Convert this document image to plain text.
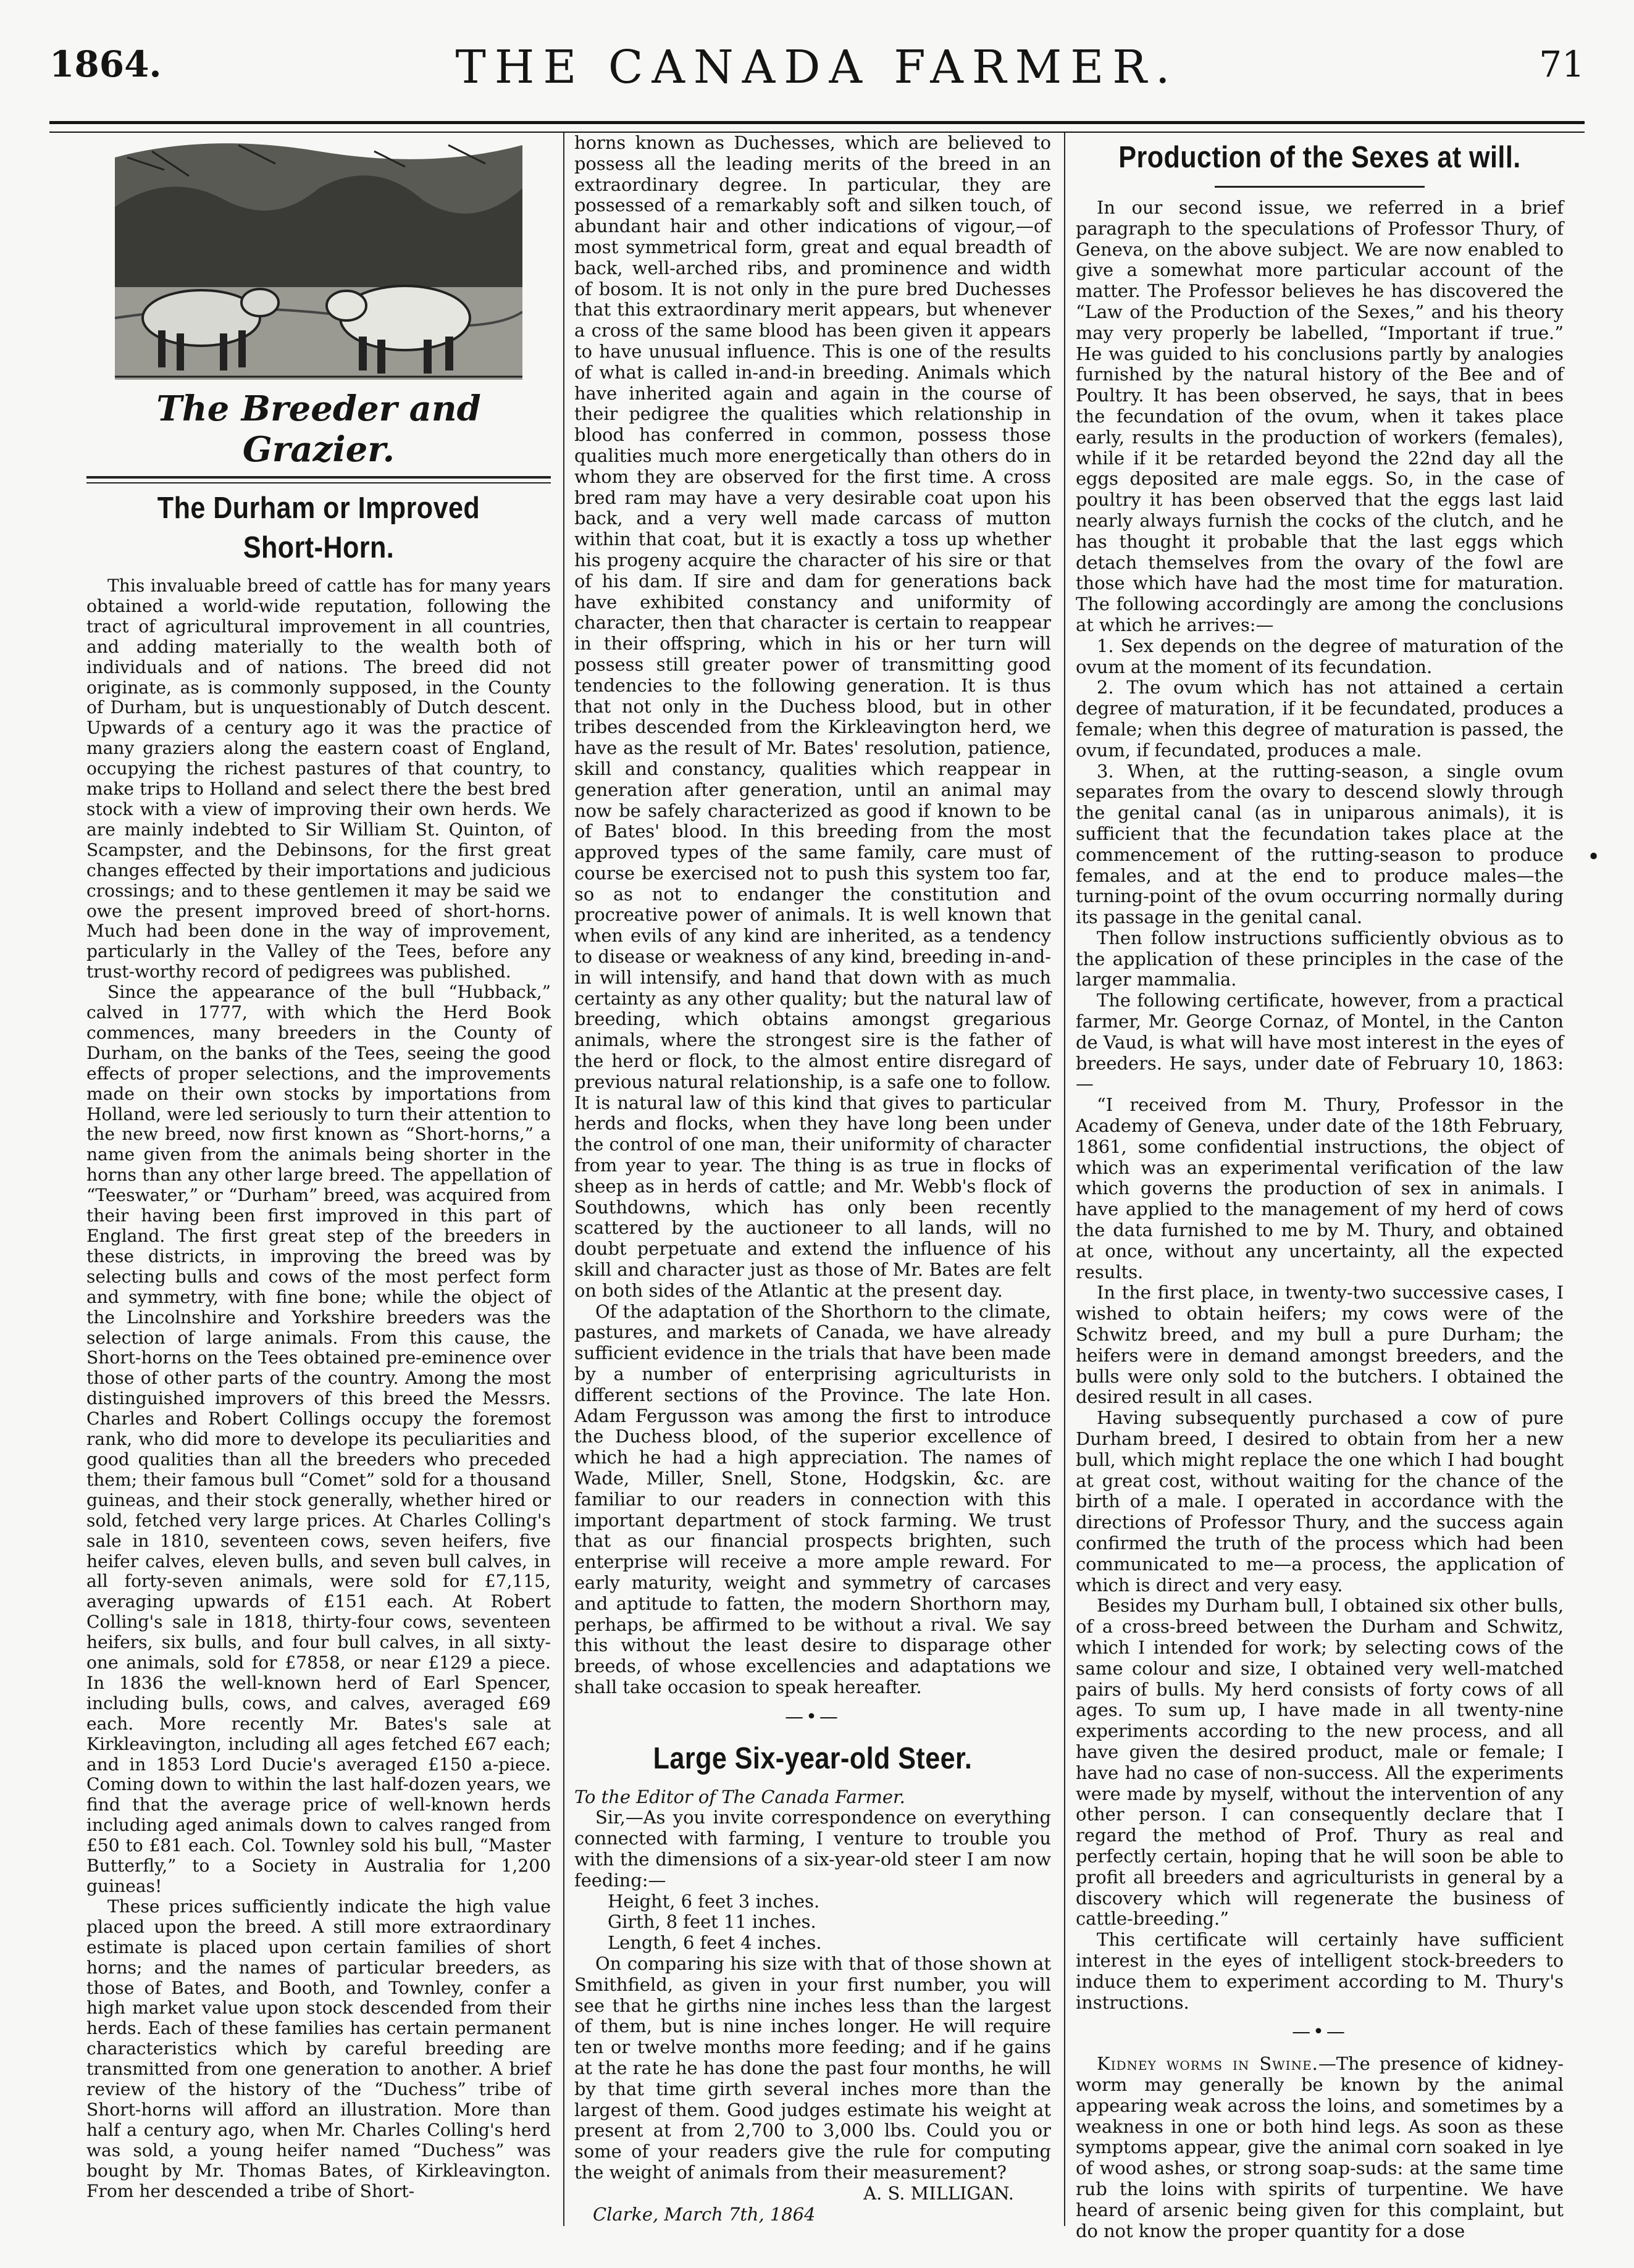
1864.	THE CANADA FARMER.	71
The Breeder and Grazier.
The Durham or Improved Short-Horn.

This invaluable breed of cattle has for many years obtained a world-wide reputation, following the tract of agricultural improvement in all countries, and adding materially to the wealth both of individuals and of nations. The breed did not originate, as is commonly supposed, in the County of Durham, but is unquestionably of Dutch descent. Upwards of a century ago it was the practice of many graziers along the eastern coast of England, occupying the richest pastures of that country, to make trips to Holland and select there the best bred stock with a view of improving their own herds. We are mainly indebted to Sir William St. Quinton, of Scampster, and the Debinsons, for the first great changes effected by their importations and judicious crossings; and to these gentlemen it may be said we owe the present improved breed of short-horns. Much had been done in the way of improvement, particularly in the Valley of the Tees, before any trust-worthy record of pedigrees was published.

Since the appearance of the bull “Hubback,” calved in 1777, with which the Herd Book commences, many breeders in the County of Durham, on the banks of the Tees, seeing the good effects of proper selections, and the improvements made on their own stocks by importations from Holland, were led seriously to turn their attention to the new breed, now first known as “Short-horns,” a name given from the animals being shorter in the horns than any other large breed. The appellation of “Teeswater,” or “Durham” breed, was acquired from their having been first improved in this part of England. The first great step of the breeders in these districts, in improving the breed was by selecting bulls and cows of the most perfect form and symmetry, with fine bone; while the object of the Lincolnshire and Yorkshire breeders was the selection of large animals. From this cause, the Short-horns on the Tees obtained pre-eminence over those of other parts of the country. Among the most distinguished improvers of this breed the Messrs. Charles and Robert Collings occupy the foremost rank, who did more to develope its peculiarities and good qualities than all the breeders who preceded them; their famous bull “Comet” sold for a thousand guineas, and their stock generally, whether hired or sold, fetched very large prices. At Charles Colling's sale in 1810, seventeen cows, seven heifers, five heifer calves, eleven bulls, and seven bull calves, in all forty-seven animals, were sold for £7,115, averaging upwards of £151 each. At Robert Colling's sale in 1818, thirty-four cows, seventeen heifers, six bulls, and four bull calves, in all sixty-one animals, sold for £7858, or near £129 a piece. In 1836 the well-known herd of Earl Spencer, including bulls, cows, and calves, averaged £69 each. More recently Mr. Bates's sale at Kirkleavington, including all ages fetched £67 each; and in 1853 Lord Ducie's averaged £150 a-piece. Coming down to within the last half-dozen years, we find that the average price of well-known herds including aged animals down to calves ranged from £50 to £81 each. Col. Townley sold his bull, “Master Butterfly,” to a Society in Australia for 1,200 guineas!

These prices sufficiently indicate the high value placed upon the breed. A still more extraordinary estimate is placed upon certain families of short horns; and the names of particular breeders, as those of Bates, and Booth, and Townley, confer a high market value upon stock descended from their herds. Each of these families has certain permanent characteristics which by careful breeding are transmitted from one generation to another. A brief review of the history of the “Duchess” tribe of Short-horns will afford an illustration. More than half a century ago, when Mr. Charles Colling's herd was sold, a young heifer named “Duchess” was bought by Mr. Thomas Bates, of Kirkleavington. From her descended a tribe of Short-

horns known as Duchesses, which are believed to possess all the leading merits of the breed in an extraordinary degree. In particular, they are possessed of a remarkably soft and silken touch, of abundant hair and other indications of vigour,—of most symmetrical form, great and equal breadth of back, well-arched ribs, and prominence and width of bosom. It is not only in the pure bred Duchesses that this extraordinary merit appears, but whenever a cross of the same blood has been given it appears to have unusual influence. This is one of the results of what is called in-and-in breeding. Animals which have inherited again and again in the course of their pedigree the qualities which relationship in blood has conferred in common, possess those qualities much more energetically than others do in whom they are observed for the first time. A cross bred ram may have a very desirable coat upon his back, and a very well made carcass of mutton within that coat, but it is exactly a toss up whether his progeny acquire the character of his sire or that of his dam. If sire and dam for generations back have exhibited constancy and uniformity of character, then that character is certain to reappear in their offspring, which in his or her turn will possess still greater power of transmitting good tendencies to the following generation. It is thus that not only in the Duchess blood, but in other tribes descended from the Kirkleavington herd, we have as the result of Mr. Bates' resolution, patience, skill and constancy, qualities which reappear in generation after generation, until an animal may now be safely characterized as good if known to be of Bates' blood. In this breeding from the most approved types of the same family, care must of course be exercised not to push this system too far, so as not to endanger the constitution and procreative power of animals. It is well known that when evils of any kind are inherited, as a tendency to disease or weakness of any kind, breeding in-and-in will intensify, and hand that down with as much certainty as any other quality; but the natural law of breeding, which obtains amongst gregarious animals, where the strongest sire is the father of the herd or flock, to the almost entire disregard of previous natural relationship, is a safe one to follow. It is natural law of this kind that gives to particular herds and flocks, when they have long been under the control of one man, their uniformity of character from year to year. The thing is as true in flocks of sheep as in herds of cattle; and Mr. Webb's flock of Southdowns, which has only been recently scattered by the auctioneer to all lands, will no doubt perpetuate and extend the influence of his skill and character just as those of Mr. Bates are felt on both sides of the Atlantic at the present day.

Of the adaptation of the Shorthorn to the climate, pastures, and markets of Canada, we have already sufficient evidence in the trials that have been made by a number of enterprising agriculturists in different sections of the Province. The late Hon. Adam Fergusson was among the first to introduce the Duchess blood, of the superior excellence of which he had a high appreciation. The names of Wade, Miller, Snell, Stone, Hodgskin, &c. are familiar to our readers in connection with this important department of stock farming. We trust that as our financial prospects brighten, such enterprise will receive a more ample reward. For early maturity, weight and symmetry of carcases and aptitude to fatten, the modern Shorthorn may, perhaps, be affirmed to be without a rival. We say this without the least desire to disparage other breeds, of whose excellencies and adaptations we shall take occasion to speak hereafter.

—•—
Large Six-year-old Steer.

To the Editor of The Canada Farmer.

Sir,—As you invite correspondence on everything connected with farming, I venture to trouble you with the dimensions of a six-year-old steer I am now feeding:—

Height, 6 feet 3 inches.

Girth, 8 feet 11 inches.

Length, 6 feet 4 inches.

On comparing his size with that of those shown at Smithfield, as given in your first number, you will see that he girths nine inches less than the largest of them, but is nine inches longer. He will require ten or twelve months more feeding; and if he gains at the rate he has done the past four months, he will by that time girth several inches more than the largest of them. Good judges estimate his weight at present at from 2,700 to 3,000 lbs. Could you or some of your readers give the rule for computing the weight of animals from their measurement?

A. S. MILLIGAN.

Clarke, March 7th, 1864

Production of the Sexes at will.

In our second issue, we referred in a brief paragraph to the speculations of Professor Thury, of Geneva, on the above subject. We are now enabled to give a somewhat more particular account of the matter. The Professor believes he has discovered the “Law of the Production of the Sexes,” and his theory may very properly be labelled, “Important if true.” He was guided to his conclusions partly by analogies furnished by the natural history of the Bee and of Poultry. It has been observed, he says, that in bees the fecundation of the ovum, when it takes place early, results in the production of workers (females), while if it be retarded beyond the 22nd day all the eggs deposited are male eggs. So, in the case of poultry it has been observed that the eggs last laid nearly always furnish the cocks of the clutch, and he has thought it probable that the last eggs which detach themselves from the ovary of the fowl are those which have had the most time for maturation. The following accordingly are among the conclusions at which he arrives:—

1. Sex depends on the degree of maturation of the ovum at the moment of its fecundation.

2. The ovum which has not attained a certain degree of maturation, if it be fecundated, produces a female; when this degree of maturation is passed, the ovum, if fecundated, produces a male.

3. When, at the rutting-season, a single ovum separates from the ovary to descend slowly through the genital canal (as in uniparous animals), it is sufficient that the fecundation takes place at the commencement of the rutting-season to produce females, and at the end to produce males—the turning-point of the ovum occurring normally during its passage in the genital canal.

Then follow instructions sufficiently obvious as to the application of these principles in the case of the larger mammalia.

The following certificate, however, from a practical farmer, Mr. George Cornaz, of Montel, in the Canton de Vaud, is what will have most interest in the eyes of breeders. He says, under date of February 10, 1863:—

“I received from M. Thury, Professor in the Academy of Geneva, under date of the 18th February, 1861, some confidential instructions, the object of which was an experimental verification of the law which governs the production of sex in animals. I have applied to the management of my herd of cows the data furnished to me by M. Thury, and obtained at once, without any uncertainty, all the expected results.

In the first place, in twenty-two successive cases, I wished to obtain heifers; my cows were of the Schwitz breed, and my bull a pure Durham; the heifers were in demand amongst breeders, and the bulls were only sold to the butchers. I obtained the desired result in all cases.

Having subsequently purchased a cow of pure Durham breed, I desired to obtain from her a new bull, which might replace the one which I had bought at great cost, without waiting for the chance of the birth of a male. I operated in accordance with the directions of Professor Thury, and the success again confirmed the truth of the process which had been communicated to me—a process, the application of which is direct and very easy.

Besides my Durham bull, I obtained six other bulls, of a cross-breed between the Durham and Schwitz, which I intended for work; by selecting cows of the same colour and size, I obtained very well-matched pairs of bulls. My herd consists of forty cows of all ages. To sum up, I have made in all twenty-nine experiments according to the new process, and all have given the desired product, male or female; I have had no case of non-success. All the experiments were made by myself, without the intervention of any other person. I can consequently declare that I regard the method of Prof. Thury as real and perfectly certain, hoping that he will soon be able to profit all breeders and agriculturists in general by a discovery which will regenerate the business of cattle-breeding.”

This certificate will certainly have sufficient interest in the eyes of intelligent stock-breeders to induce them to experiment according to M. Thury's instructions.

—•—

Kidney worms in Swine.—The presence of kidney-worm may generally be known by the animal appearing weak across the loins, and sometimes by a weakness in one or both hind legs. As soon as these symptoms appear, give the animal corn soaked in lye of wood ashes, or strong soap-suds: at the same time rub the loins with spirits of turpentine. We have heard of arsenic being given for this complaint, but do not know the proper quantity for a dose

•
